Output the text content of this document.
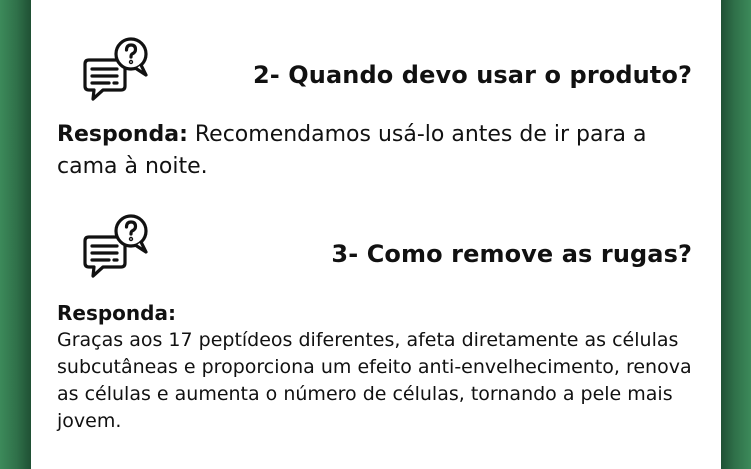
2- Quando devo usar o produto?
Responda: Recomendamos usá-lo antes de ir para a cama à noite.
3- Como remove as rugas?
Responda:
Graças aos 17 peptídeos diferentes, afeta diretamente as células subcutâneas e proporciona um efeito anti-envelhecimento, renova as células e aumenta o número de células, tornando a pele mais jovem.
